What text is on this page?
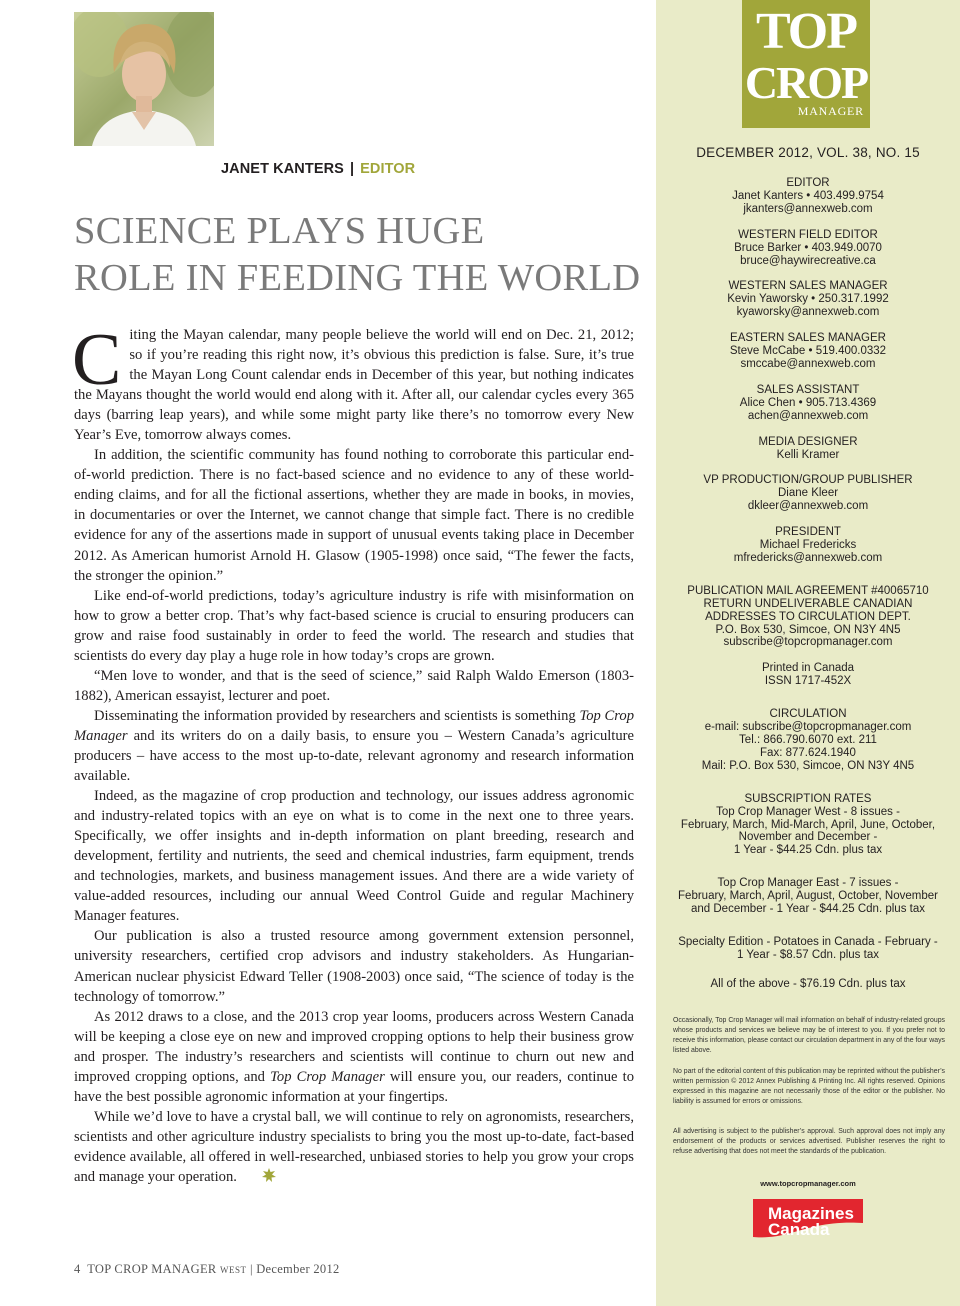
JANET KANTERS | EDITOR
SCIENCE PLAYS HUGE
ROLE IN FEEDING THE WORLD

Citing the Mayan calendar, many people believe the world will end on Dec. 21, 2012; so if you’re reading this right now, it’s obvious this prediction is false. Sure, it’s true the Mayan Long Count calendar ends in December of this year, but nothing indicates the Mayans thought the world would end along with it. After all, our calendar cycles every 365 days (barring leap years), and while some might party like there’s no tomorrow every New Year’s Eve, tomorrow always comes.

In addition, the scientific community has found nothing to corroborate this particular end-of-world prediction. There is no fact-based science and no evidence to any of these world-ending claims, and for all the fictional assertions, whether they are made in books, in movies, in documentaries or over the Internet, we cannot change that simple fact. There is no credible evidence for any of the assertions made in support of unusual events taking place in December 2012. As American humorist Arnold H. Glasow (1905-1998) once said, “The fewer the facts, the stronger the opinion.”

Like end-of-world predictions, today’s agriculture industry is rife with misinformation on how to grow a better crop. That’s why fact-based science is crucial to ensuring producers can grow and raise food sustainably in order to feed the world. The research and studies that scientists do every day play a huge role in how today’s crops are grown.

“Men love to wonder, and that is the seed of science,” said Ralph Waldo Emerson (1803-1882), American essayist, lecturer and poet.

Disseminating the information provided by researchers and scientists is something Top Crop Manager and its writers do on a daily basis, to ensure you – Western Canada’s agriculture producers – have access to the most up-to-date, relevant agronomy and research information available.

Indeed, as the magazine of crop production and technology, our issues address agronomic and industry-related topics with an eye on what is to come in the next one to three years. Specifically, we offer insights and in-depth information on plant breeding, research and development, fertility and nutrients, the seed and chemical industries, farm equipment, trends and technologies, markets, and business management issues. And there are a wide variety of value-added resources, including our annual Weed Control Guide and regular Machinery Manager features.

Our publication is also a trusted resource among government extension personnel, university researchers, certified crop advisors and industry stakeholders. As Hungarian-American nuclear physicist Edward Teller (1908-2003) once said, “The science of today is the technology of tomorrow.”

As 2012 draws to a close, and the 2013 crop year looms, producers across Western Canada will be keeping a close eye on new and improved cropping options to help their business grow and prosper. The industry’s researchers and scientists will continue to churn out new and improved cropping options, and Top Crop Manager will ensure you, our readers, continue to have the best possible agronomic information at your fingertips.

While we’d love to have a crystal ball, we will continue to rely on agronomists, researchers, scientists and other agriculture industry specialists to bring you the most up-to-date, fact-based evidence available, all offered in well-researched, unbiased stories to help you grow your crops and manage your operation.

4 TOP CROP MANAGER WEST | December 2012
TOP
CROP
MANAGER
DECEMBER 2012, VOL. 38, NO. 15
EDITOR
Janet Kanters • 403.499.9754
jkanters@annexweb.com
WESTERN FIELD EDITOR
Bruce Barker • 403.949.0070
bruce@haywirecreative.ca
WESTERN SALES MANAGER
Kevin Yaworsky • 250.317.1992
kyaworsky@annexweb.com
EASTERN SALES MANAGER
Steve McCabe • 519.400.0332
smccabe@annexweb.com
SALES ASSISTANT
Alice Chen • 905.713.4369
achen@annexweb.com
MEDIA DESIGNER
Kelli Kramer
VP PRODUCTION/GROUP PUBLISHER
Diane Kleer
dkleer@annexweb.com
PRESIDENT
Michael Fredericks
mfredericks@annexweb.com
PUBLICATION MAIL AGREEMENT #40065710
RETURN UNDELIVERABLE CANADIAN
ADDRESSES TO CIRCULATION DEPT.
P.O. Box 530, Simcoe, ON N3Y 4N5
subscribe@topcropmanager.com
Printed in Canada
ISSN 1717-452X
CIRCULATION
e-mail: subscribe@topcropmanager.com
Tel.: 866.790.6070 ext. 211
Fax: 877.624.1940
Mail: P.O. Box 530, Simcoe, ON N3Y 4N5
SUBSCRIPTION RATES
Top Crop Manager West - 8 issues -
February, March, Mid-March, April, June, October,
November and December -
1 Year - $44.25 Cdn. plus tax
Top Crop Manager East - 7 issues -
February, March, April, August, October, November
and December - 1 Year - $44.25 Cdn. plus tax
Specialty Edition - Potatoes in Canada - February -
1 Year - $8.57 Cdn. plus tax
All of the above - $76.19 Cdn. plus tax
Occasionally, Top Crop Manager will mail information on behalf of industry-related groups whose products and services we believe may be of interest to you. If you prefer not to receive this information, please contact our circulation department in any of the four ways listed above.
No part of the editorial content of this publication may be reprinted without the publisher’s written permission © 2012 Annex Publishing & Printing Inc. All rights reserved. Opinions expressed in this magazine are not necessarily those of the editor or the publisher. No liability is assumed for errors or omissions.
All advertising is subject to the publisher’s approval. Such approval does not imply any endorsement of the products or services advertised. Publisher reserves the right to refuse advertising that does not meet the standards of the publication.
www.topcropmanager.com
Magazines
Canada
